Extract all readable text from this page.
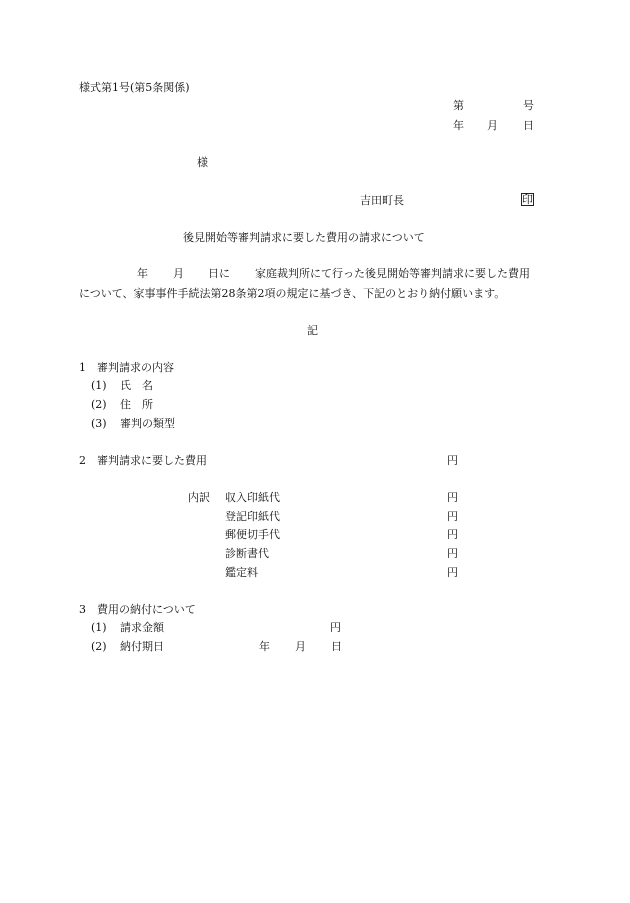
様式第1号(第5条関係)
第	号
年 月 日
様
吉田町長	印
後見開始等審判請求に要した費用の請求について
年 月 日に 家庭裁判所にて行った後見開始等審判請求に要した費用
について、家事事件手続法第28条第2項の規定に基づき、下記のとおり納付願います。
記
1　審判請求の内容
(1) 氏　名
(2) 住　所
(3) 審判の類型
2　審判請求に要した費用	円
内訳 収入印紙代	円
登記印紙代	円
郵便切手代	円
診断書代	円
鑑定料	円
3　費用の納付について
(1) 請求金額	円
(2) 納付期日	年 月 日
